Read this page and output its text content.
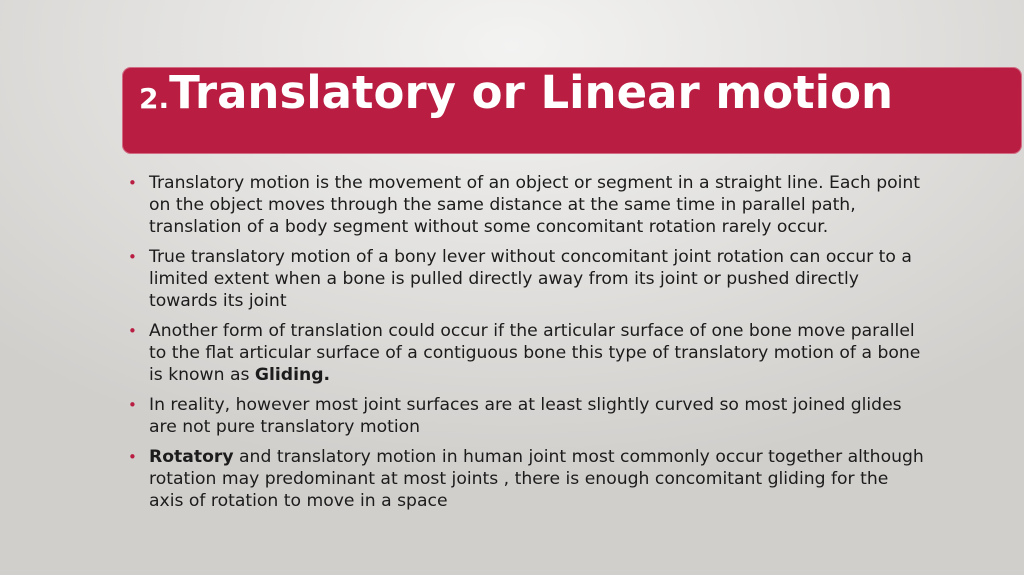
2. Translatory or Linear motion
• Translatory motion is the movement of an object or segment in a straight line. Each point on the object moves through the same distance at the same time in parallel path, translation of a body segment without some concomitant rotation rarely occur.
• True translatory motion of a bony lever without concomitant joint rotation can occur to a limited extent when a bone is pulled directly away from its joint or pushed directly towards its joint
• Another form of translation could occur if the articular surface of one bone move parallel to the flat articular surface of a contiguous bone this type of translatory motion of a bone is known as Gliding.
• In reality, however most joint surfaces are at least slightly curved so most joined glides are not pure translatory motion
• Rotatory and translatory motion in human joint most commonly occur together although rotation may predominant at most joints , there is enough concomitant gliding for the axis of rotation to move in a space
